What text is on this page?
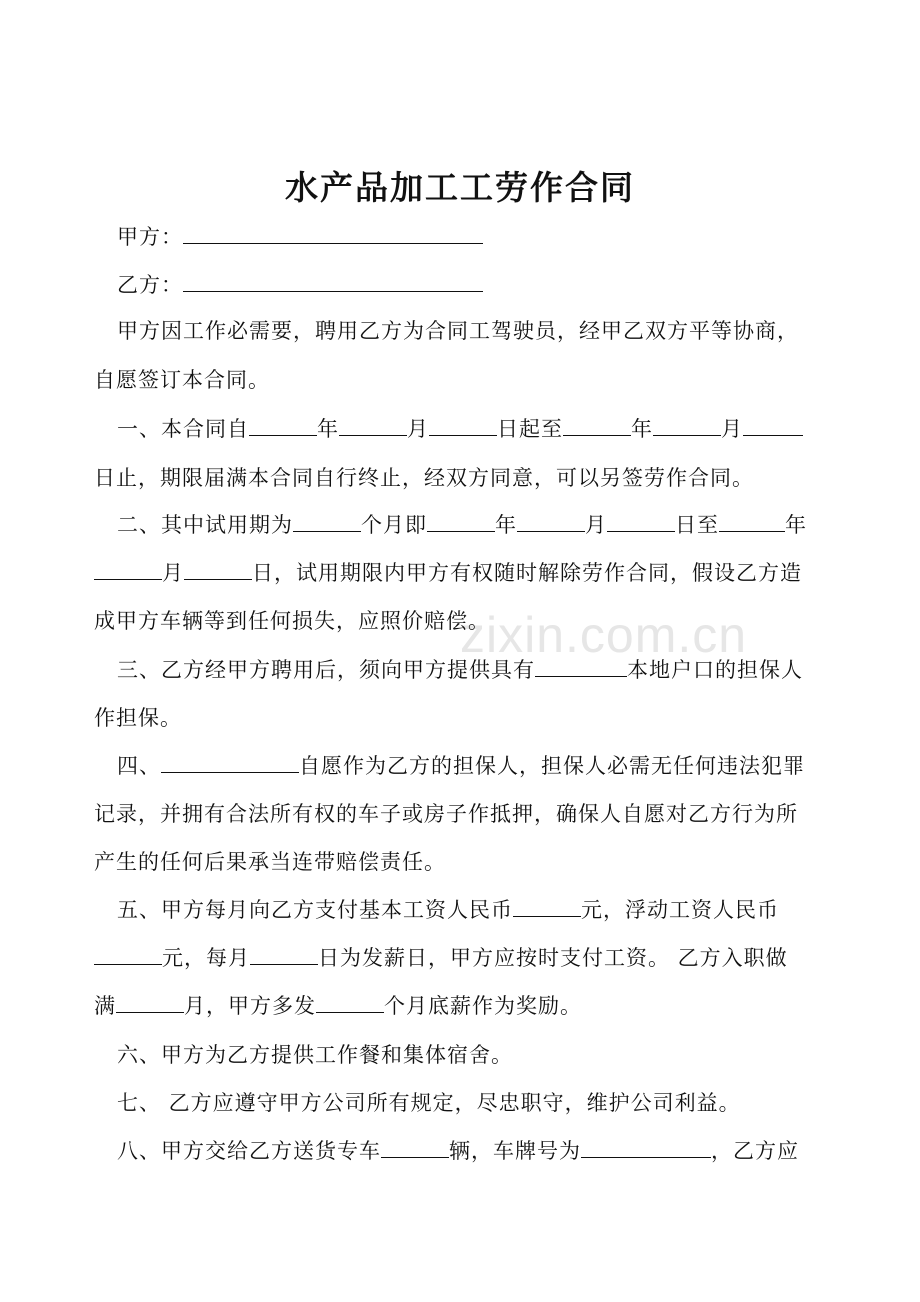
zixin.com.cn
水产品加工工劳作合同
甲方：
乙方：
甲方因工作必需要，聘用乙方为合同工驾驶员，经甲乙双方平等协商，
自愿签订本合同。
一、本合同自	年	月	日起至	年	月
日止，期限届满本合同自行终止，经双方同意，可以另签劳作合同。
二、其中试用期为	个月即	年	月	日至	年
月	日，试用期限内甲方有权随时解除劳作合同，假设乙方造
成甲方车辆等到任何损失，应照价赔偿。
三、乙方经甲方聘用后，须向甲方提供具有	本地户口的担保人
作担保。
四、	自愿作为乙方的担保人，担保人必需无任何违法犯罪
记录，并拥有合法所有权的车子或房子作抵押，确保人自愿对乙方行为所
产生的任何后果承当连带赔偿责任。
五、甲方每月向乙方支付基本工资人民币	元，浮动工资人民币
元，每月	日为发薪日，甲方应按时支付工资。 乙方入职做
满	月，甲方多发	个月底薪作为奖励。
六、甲方为乙方提供工作餐和集体宿舍。
七、 乙方应遵守甲方公司所有规定，尽忠职守，维护公司利益。
八、甲方交给乙方送货专车	辆，车牌号为	，乙方应
